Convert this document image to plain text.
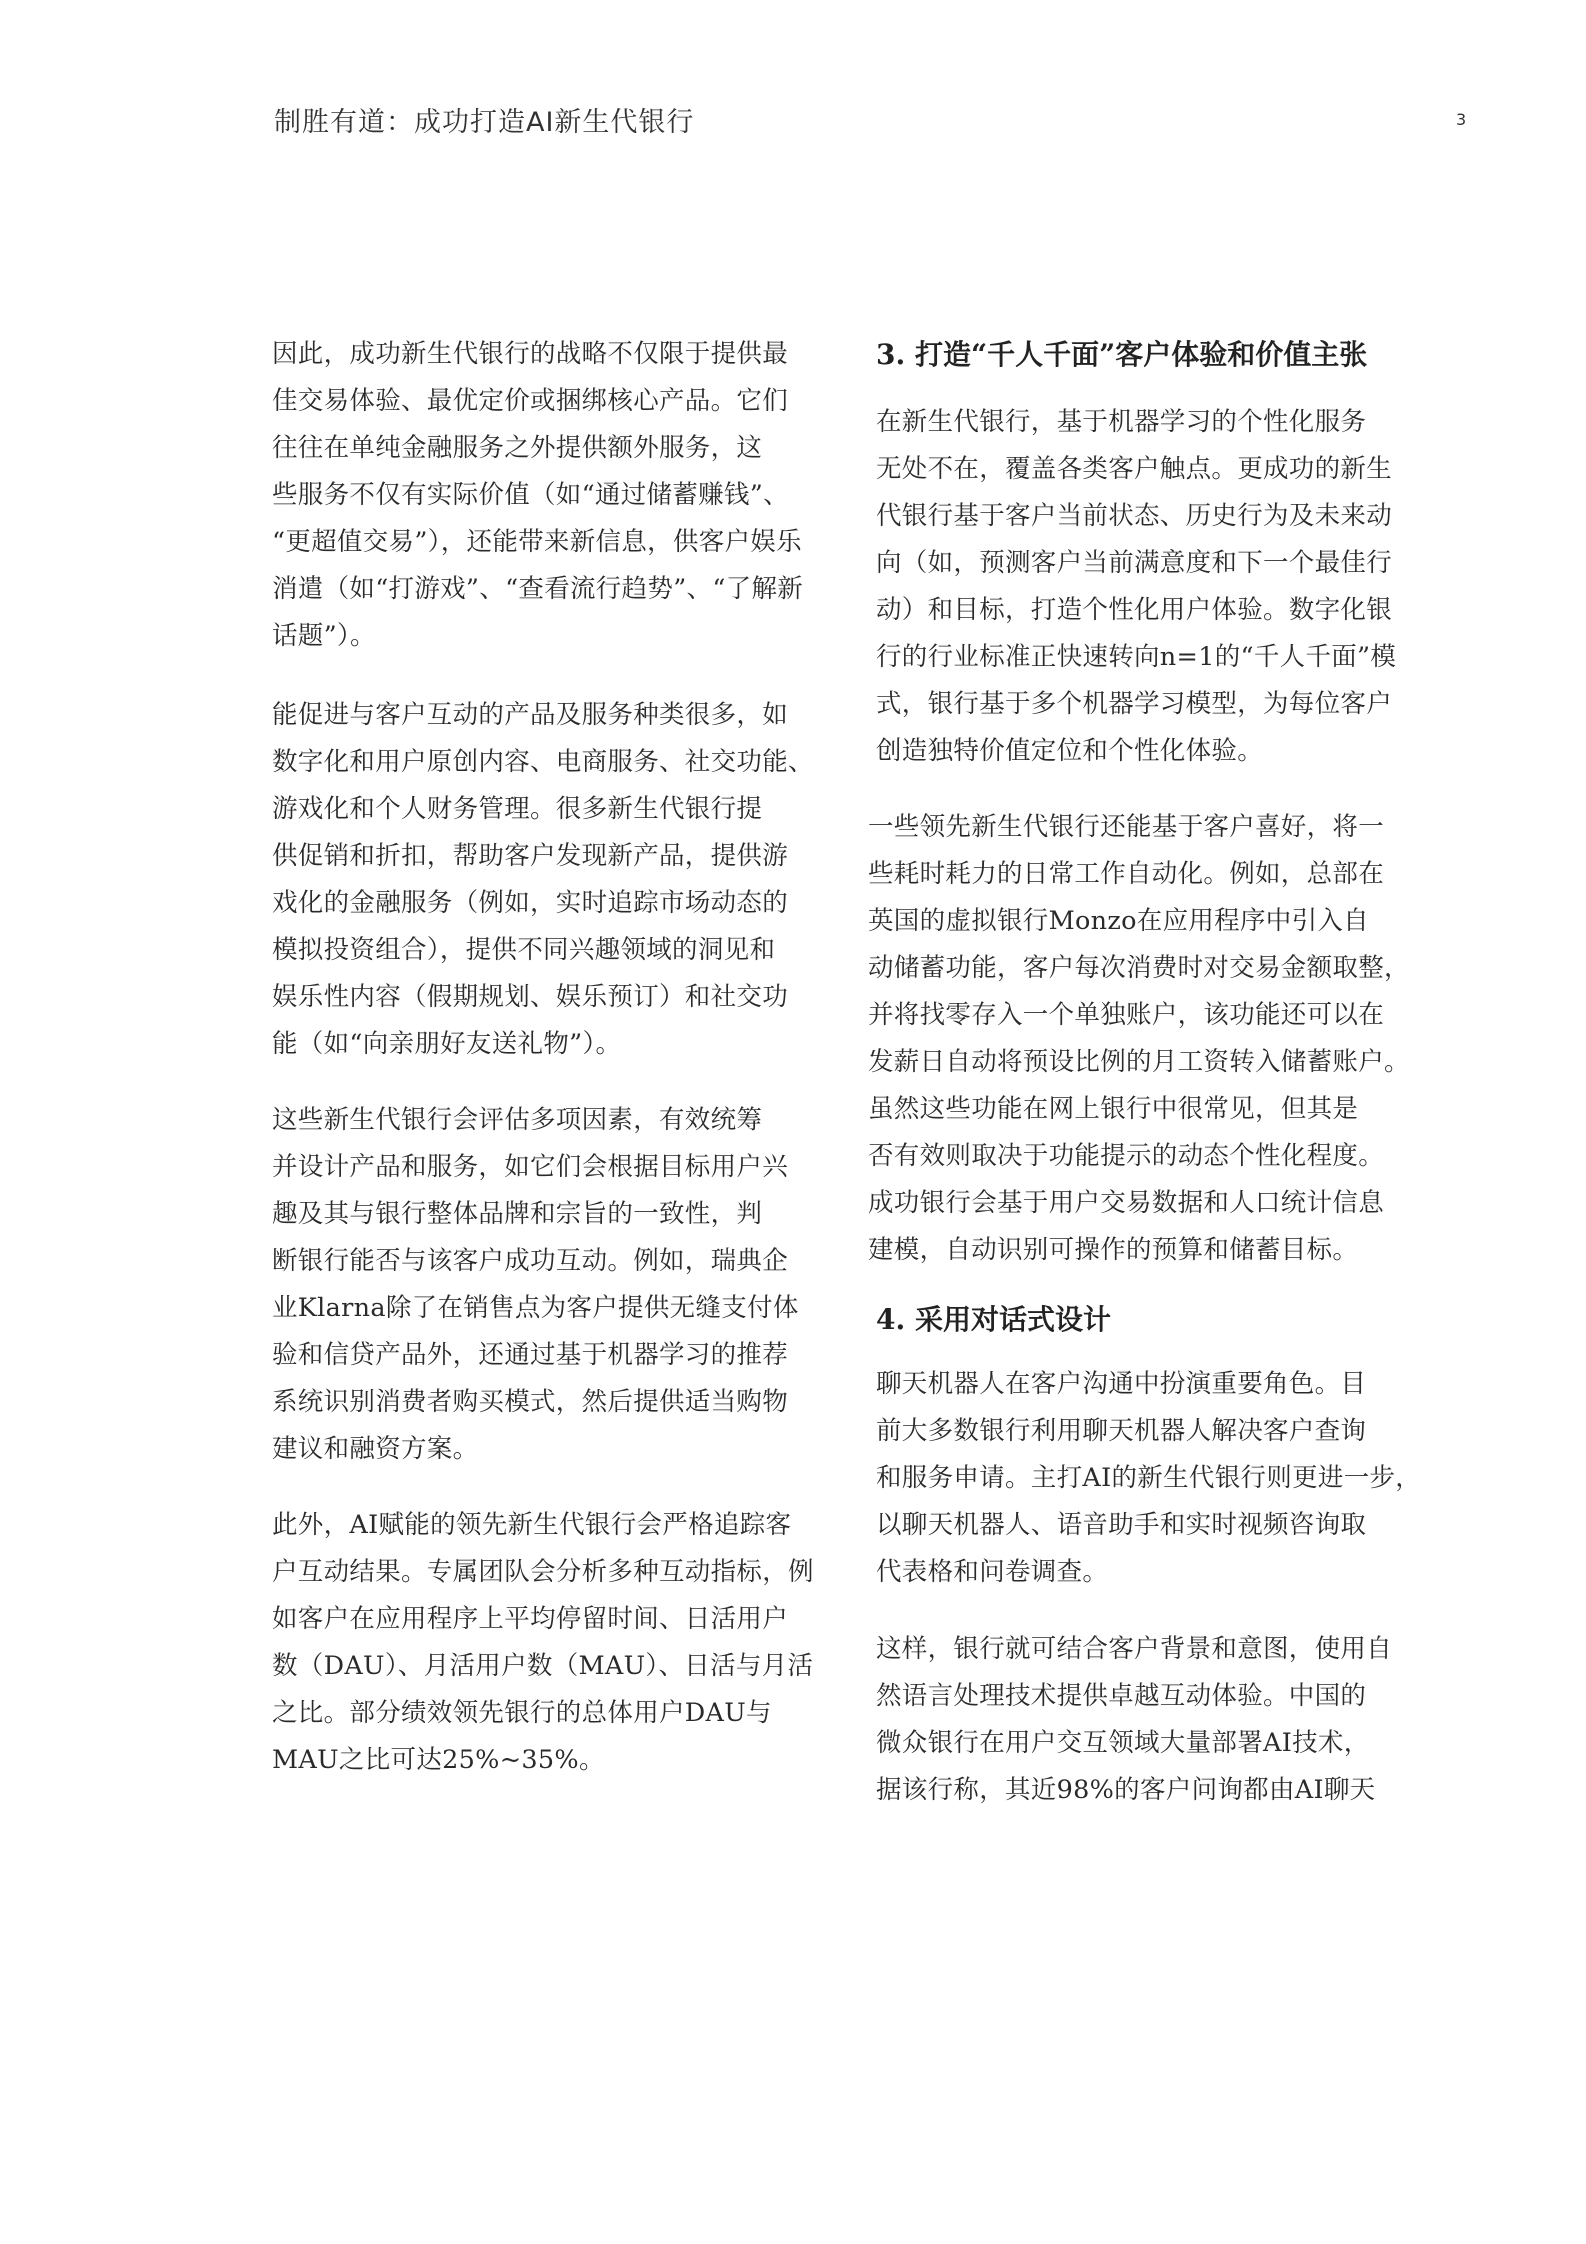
制胜有道：成功打造AI新生代银行	3
因此，成功新生代银行的战略不仅限于提供最
佳交易体验、最优定价或捆绑核心产品。它们
往往在单纯金融服务之外提供额外服务，这
些服务不仅有实际价值（如“通过储蓄赚钱”、
“更超值交易”），还能带来新信息，供客户娱乐
消遣（如“打游戏”、“查看流行趋势”、“了解新
话题”）。
能促进与客户互动的产品及服务种类很多，如
数字化和用户原创内容、电商服务、社交功能、
游戏化和个人财务管理。很多新生代银行提
供促销和折扣，帮助客户发现新产品，提供游
戏化的金融服务（例如，实时追踪市场动态的
模拟投资组合），提供不同兴趣领域的洞见和
娱乐性内容（假期规划、娱乐预订）和社交功
能（如“向亲朋好友送礼物”）。
这些新生代银行会评估多项因素，有效统筹
并设计产品和服务，如它们会根据目标用户兴
趣及其与银行整体品牌和宗旨的一致性，判
断银行能否与该客户成功互动。例如，瑞典企
业Klarna除了在销售点为客户提供无缝支付体
验和信贷产品外，还通过基于机器学习的推荐
系统识别消费者购买模式，然后提供适当购物
建议和融资方案。
此外，AI赋能的领先新生代银行会严格追踪客
户互动结果。专属团队会分析多种互动指标，例
如客户在应用程序上平均停留时间、日活用户
数（DAU）、月活用户数（MAU）、日活与月活
之比。部分绩效领先银行的总体用户DAU与
MAU之比可达25%~35%。
3. 打造“千人千面”客户体验和价值主张
在新生代银行，基于机器学习的个性化服务
无处不在，覆盖各类客户触点。更成功的新生
代银行基于客户当前状态、历史行为及未来动
向（如，预测客户当前满意度和下一个最佳行
动）和目标，打造个性化用户体验。数字化银
行的行业标准正快速转向n=1的“千人千面”模
式，银行基于多个机器学习模型，为每位客户
创造独特价值定位和个性化体验。
一些领先新生代银行还能基于客户喜好，将一
些耗时耗力的日常工作自动化。例如，总部在
英国的虚拟银行Monzo在应用程序中引入自
动储蓄功能，客户每次消费时对交易金额取整，
并将找零存入一个单独账户，该功能还可以在
发薪日自动将预设比例的月工资转入储蓄账户。
虽然这些功能在网上银行中很常见，但其是
否有效则取决于功能提示的动态个性化程度。
成功银行会基于用户交易数据和人口统计信息
建模，自动识别可操作的预算和储蓄目标。
4. 采用对话式设计
聊天机器人在客户沟通中扮演重要角色。目
前大多数银行利用聊天机器人解决客户查询
和服务申请。主打AI的新生代银行则更进一步，
以聊天机器人、语音助手和实时视频咨询取
代表格和问卷调查。
这样，银行就可结合客户背景和意图，使用自
然语言处理技术提供卓越互动体验。中国的
微众银行在用户交互领域大量部署AI技术，
据该行称，其近98%的客户问询都由AI聊天
